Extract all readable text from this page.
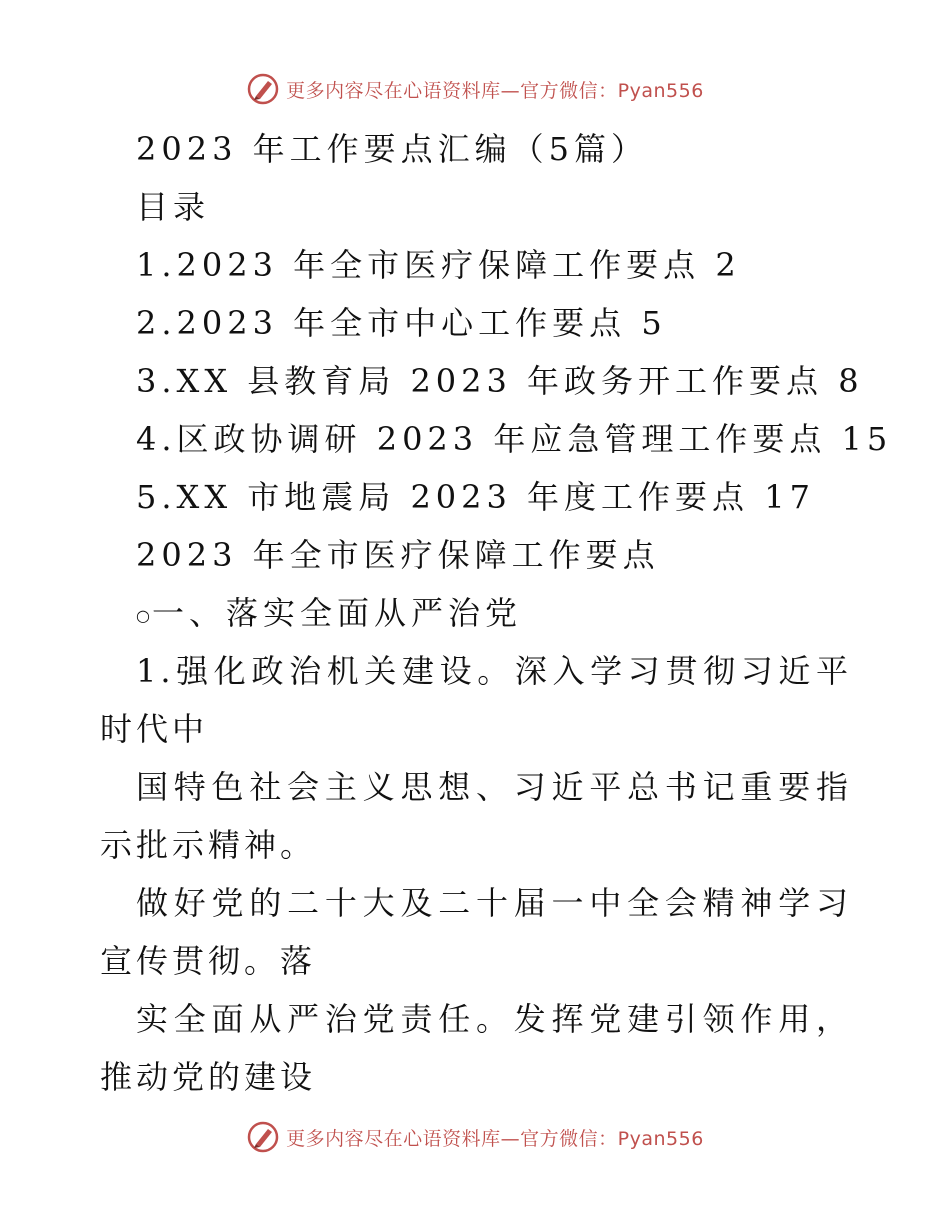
更多内容尽在心语资料库—官方微信：Pyan556
2023 年工作要点汇编（5篇）
目录
1.2023 年全市医疗保障工作要点 2
2.2023 年全市中心工作要点 5
3.XX 县教育局 2023 年政务开工作要点 8
4.区政协调研 2023 年应急管理工作要点 15
5.XX 市地震局 2023 年度工作要点 17
2023 年全市医疗保障工作要点
○一、落实全面从严治党

1.强化政治机关建设。深入学习贯彻习近平时代中

国特色社会主义思想、习近平总书记重要指示批示精神。

做好党的二十大及二十届一中全会精神学习宣传贯彻。落

实全面从严治党责任。发挥党建引领作用，推动党的建设

更多内容尽在心语资料库—官方微信：Pyan556
